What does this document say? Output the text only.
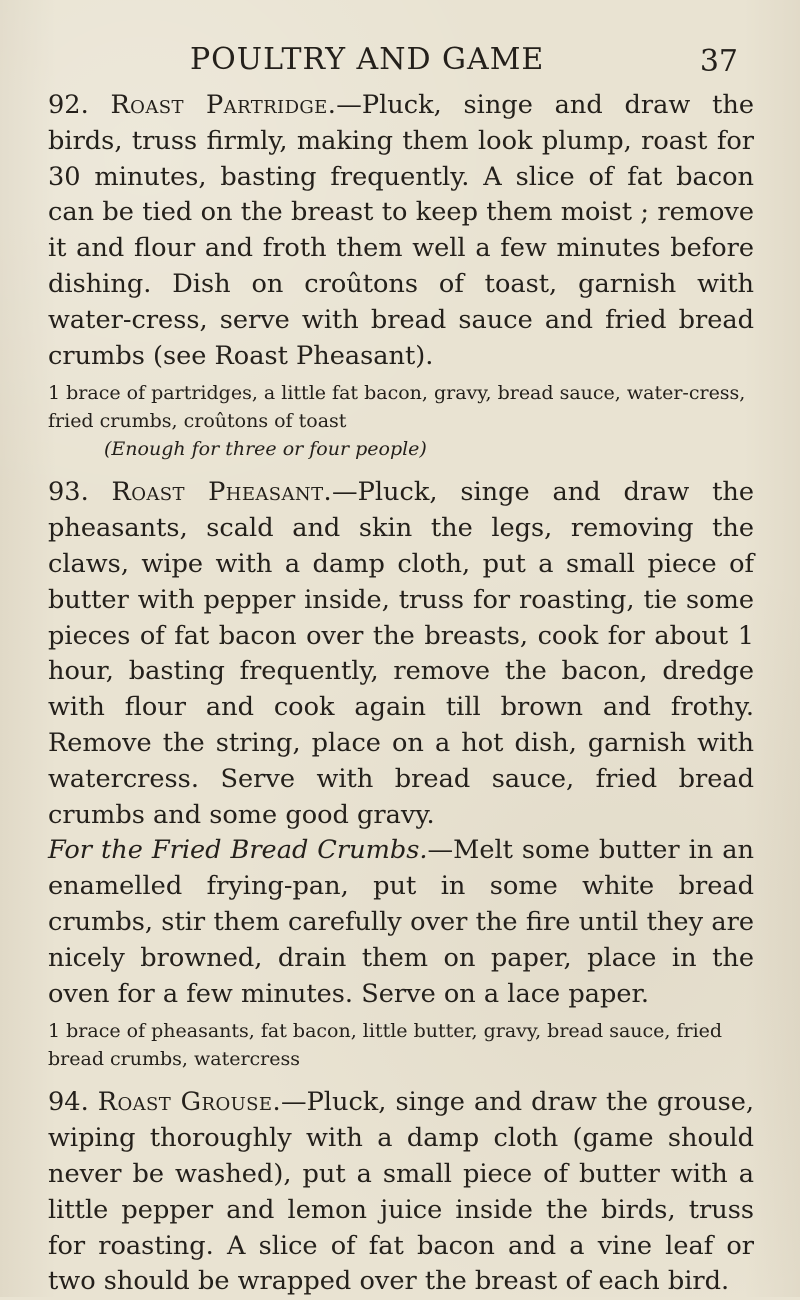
POULTRY AND GAME	37

92. Roast Partridge.—Pluck, singe and draw the birds, truss firmly, making them look plump, roast for 30 minutes, basting frequently. A slice of fat bacon can be tied on the breast to keep them moist ; remove it and flour and froth them well a few minutes before dishing. Dish on croûtons of toast, garnish with water-cress, serve with bread sauce and fried bread crumbs (see Roast Pheasant).

1 brace of partridges, a little fat bacon, gravy, bread sauce, water-cress, fried crumbs, croûtons of toast

(Enough for three or four people)

93. Roast Pheasant.—Pluck, singe and draw the pheasants, scald and skin the legs, removing the claws, wipe with a damp cloth, put a small piece of butter with pepper inside, truss for roasting, tie some pieces of fat bacon over the breasts, cook for about 1 hour, basting frequently, remove the bacon, dredge with flour and cook again till brown and frothy. Remove the string, place on a hot dish, garnish with watercress. Serve with bread sauce, fried bread crumbs and some good gravy.

For the Fried Bread Crumbs.—Melt some butter in an enamelled frying-pan, put in some white bread crumbs, stir them carefully over the fire until they are nicely browned, drain them on paper, place in the oven for a few minutes. Serve on a lace paper.

1 brace of pheasants, fat bacon, little butter, gravy, bread sauce, fried bread crumbs, watercress

94. Roast Grouse.—Pluck, singe and draw the grouse, wiping thoroughly with a damp cloth (game should never be washed), put a small piece of butter with a little pepper and lemon juice inside the birds, truss for roasting. A slice of fat bacon and a vine leaf or two should be wrapped over the breast of each bird.
